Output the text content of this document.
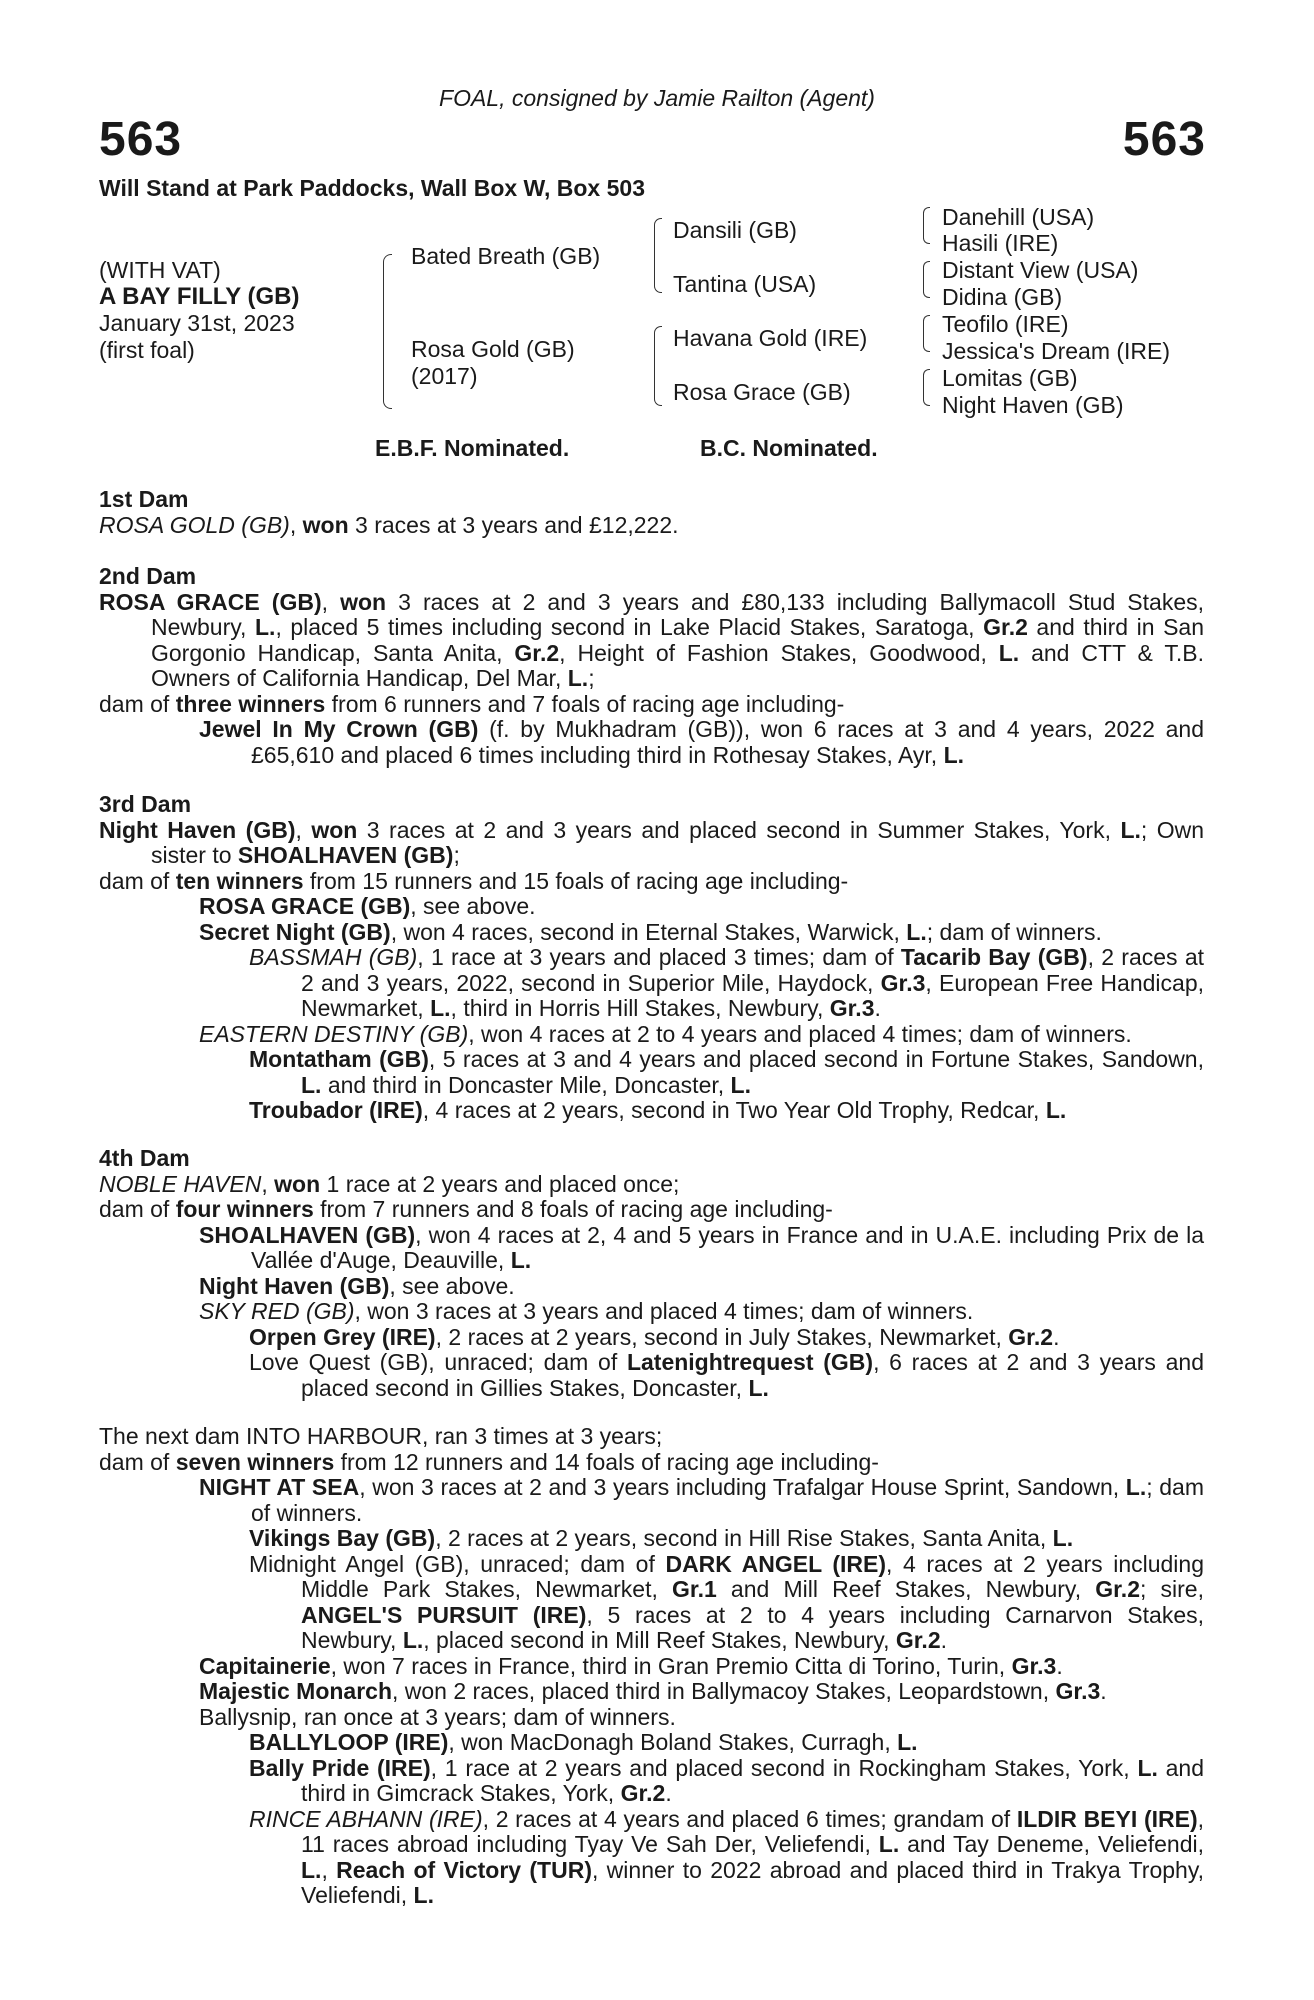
FOAL, consigned by Jamie Railton (Agent)
563	563
Will Stand at Park Paddocks, Wall Box W, Box 503
(WITH VAT)
A BAY FILLY (GB)
January 31st, 2023
(first foal)
Bated Breath (GB)
Rosa Gold (GB)
(2017)
Dansili (GB)
Tantina (USA)
Havana Gold (IRE)
Rosa Grace (GB)
Danehill (USA)
Hasili (IRE)
Distant View (USA)
Didina (GB)
Teofilo (IRE)
Jessica's Dream (IRE)
Lomitas (GB)
Night Haven (GB)
E.B.F. Nominated.	B.C. Nominated.

1st Dam

ROSA GOLD (GB), won 3 races at 3 years and £12,222.

2nd Dam

ROSA GRACE (GB), won 3 races at 2 and 3 years and £80,133 including Ballymacoll Stud Stakes, Newbury, L., placed 5 times including second in Lake Placid Stakes, Saratoga, Gr.2 and third in San Gorgonio Handicap, Santa Anita, Gr.2, Height of Fashion Stakes, Goodwood, L. and CTT & T.B. Owners of California Handicap, Del Mar, L.;

dam of three winners from 6 runners and 7 foals of racing age including-

Jewel In My Crown (GB) (f. by Mukhadram (GB)), won 6 races at 3 and 4 years, 2022 and £65,610 and placed 6 times including third in Rothesay Stakes, Ayr, L.

3rd Dam

Night Haven (GB), won 3 races at 2 and 3 years and placed second in Summer Stakes, York, L.; Own sister to SHOALHAVEN (GB);

dam of ten winners from 15 runners and 15 foals of racing age including-

ROSA GRACE (GB), see above.

Secret Night (GB), won 4 races, second in Eternal Stakes, Warwick, L.; dam of winners.

BASSMAH (GB), 1 race at 3 years and placed 3 times; dam of Tacarib Bay (GB), 2 races at 2 and 3 years, 2022, second in Superior Mile, Haydock, Gr.3, European Free Handicap, Newmarket, L., third in Horris Hill Stakes, Newbury, Gr.3.

EASTERN DESTINY (GB), won 4 races at 2 to 4 years and placed 4 times; dam of winners.

Montatham (GB), 5 races at 3 and 4 years and placed second in Fortune Stakes, Sandown, L. and third in Doncaster Mile, Doncaster, L.

Troubador (IRE), 4 races at 2 years, second in Two Year Old Trophy, Redcar, L.

4th Dam

NOBLE HAVEN, won 1 race at 2 years and placed once;

dam of four winners from 7 runners and 8 foals of racing age including-

SHOALHAVEN (GB), won 4 races at 2, 4 and 5 years in France and in U.A.E. including Prix de la Vallée d'Auge, Deauville, L.

Night Haven (GB), see above.

SKY RED (GB), won 3 races at 3 years and placed 4 times; dam of winners.

Orpen Grey (IRE), 2 races at 2 years, second in July Stakes, Newmarket, Gr.2.

Love Quest (GB), unraced; dam of Latenightrequest (GB), 6 races at 2 and 3 years and placed second in Gillies Stakes, Doncaster, L.

The next dam INTO HARBOUR, ran 3 times at 3 years;

dam of seven winners from 12 runners and 14 foals of racing age including-

NIGHT AT SEA, won 3 races at 2 and 3 years including Trafalgar House Sprint, Sandown, L.; dam of winners.

Vikings Bay (GB), 2 races at 2 years, second in Hill Rise Stakes, Santa Anita, L.

Midnight Angel (GB), unraced; dam of DARK ANGEL (IRE), 4 races at 2 years including Middle Park Stakes, Newmarket, Gr.1 and Mill Reef Stakes, Newbury, Gr.2; sire, ANGEL'S PURSUIT (IRE), 5 races at 2 to 4 years including Carnarvon Stakes, Newbury, L., placed second in Mill Reef Stakes, Newbury, Gr.2.

Capitainerie, won 7 races in France, third in Gran Premio Citta di Torino, Turin, Gr.3.

Majestic Monarch, won 2 races, placed third in Ballymacoy Stakes, Leopardstown, Gr.3.

Ballysnip, ran once at 3 years; dam of winners.

BALLYLOOP (IRE), won MacDonagh Boland Stakes, Curragh, L.

Bally Pride (IRE), 1 race at 2 years and placed second in Rockingham Stakes, York, L. and third in Gimcrack Stakes, York, Gr.2.

RINCE ABHANN (IRE), 2 races at 4 years and placed 6 times; grandam of ILDIR BEYI (IRE), 11 races abroad including Tyay Ve Sah Der, Veliefendi, L. and Tay Deneme, Veliefendi, L., Reach of Victory (TUR), winner to 2022 abroad and placed third in Trakya Trophy, Veliefendi, L.
